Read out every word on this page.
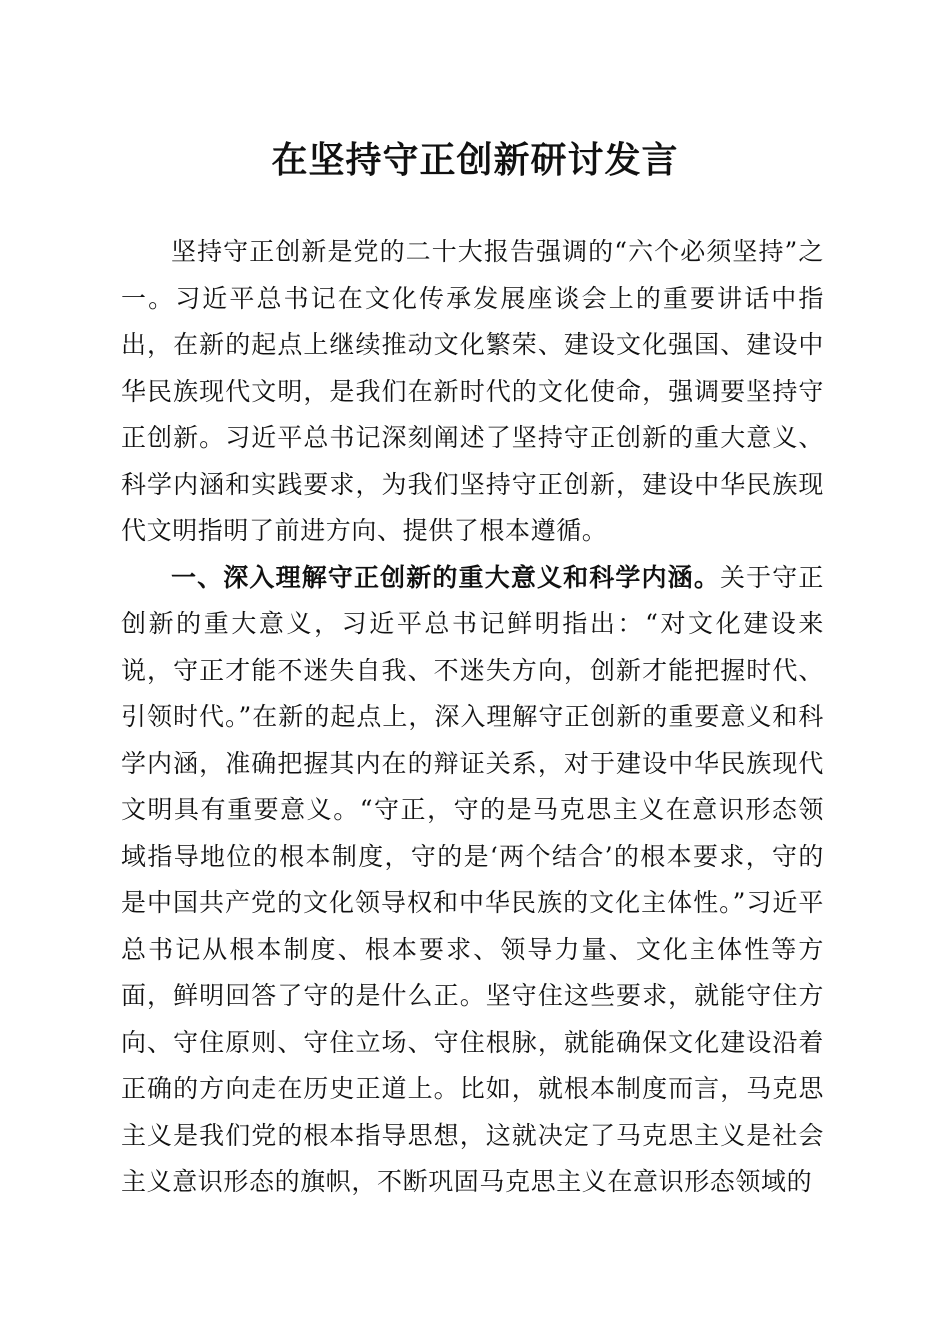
在坚持守正创新研讨发言

坚持守正创新是党的二十大报告强调的“六个必须坚持”之一。习近平总书记在文化传承发展座谈会上的重要讲话中指出，在新的起点上继续推动文化繁荣、建设文化强国、建设中华民族现代文明，是我们在新时代的文化使命，强调要坚持守正创新。习近平总书记深刻阐述了坚持守正创新的重大意义、科学内涵和实践要求，为我们坚持守正创新，建设中华民族现代文明指明了前进方向、提供了根本遵循。

一、深入理解守正创新的重大意义和科学内涵。关于守正创新的重大意义，习近平总书记鲜明指出：“对文化建设来说，守正才能不迷失自我、不迷失方向，创新才能把握时代、引领时代。”在新的起点上，深入理解守正创新的重要意义和科学内涵，准确把握其内在的辩证关系，对于建设中华民族现代文明具有重要意义。“守正，守的是马克思主义在意识形态领域指导地位的根本制度，守的是‘两个结合’的根本要求，守的是中国共产党的文化领导权和中华民族的文化主体性。”习近平总书记从根本制度、根本要求、领导力量、文化主体性等方面，鲜明回答了守的是什么正。坚守住这些要求，就能守住方向、守住原则、守住立场、守住根脉，就能确保文化建设沿着正确的方向走在历史正道上。比如，就根本制度而言，马克思主义是我们党的根本指导思想，这就决定了马克思主义是社会主义意识形态的旗帜，不断巩固马克思主义在意识形态领域的
